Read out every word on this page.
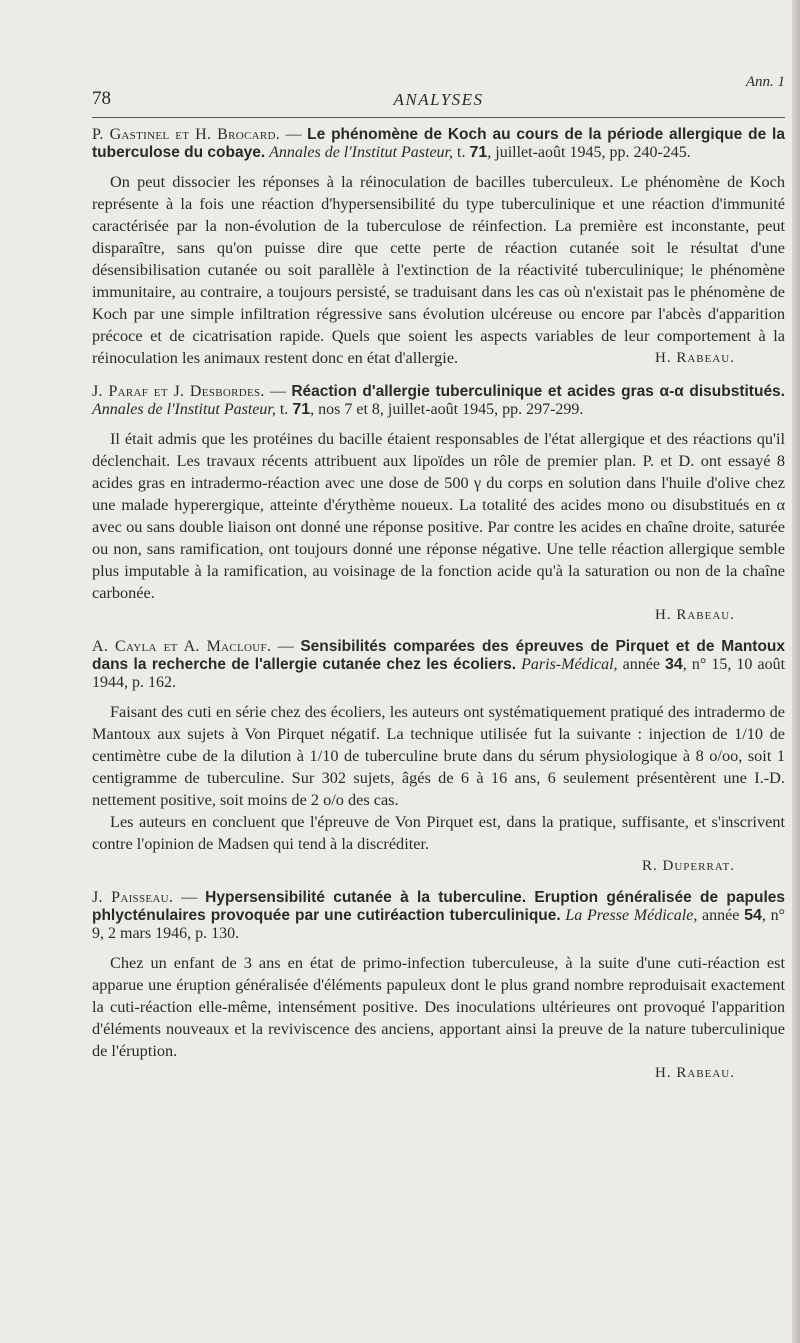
78	ANALYSES
Ann. 1

P. Gastinel et H. Brocard. — Le phénomène de Koch au cours de la période allergique de la tuberculose du cobaye. Annales de l'Institut Pasteur, t. 71, juillet-août 1945, pp. 240-245.

On peut dissocier les réponses à la réinoculation de bacilles tuberculeux. Le phénomène de Koch représente à la fois une réaction d'hypersensibilité du type tuberculinique et une réaction d'immunité caractérisée par la non-évolution de la tuberculose de réinfection. La première est inconstante, peut disparaître, sans qu'on puisse dire que cette perte de réaction cutanée soit le résultat d'une désensibilisation cutanée ou soit parallèle à l'extinction de la réactivité tuberculinique; le phénomène immunitaire, au contraire, a toujours persisté, se traduisant dans les cas où n'existait pas le phénomène de Koch par une simple infiltration régressive sans évolution ulcéreuse ou encore par l'abcès d'apparition précoce et de cicatrisation rapide. Quels que soient les aspects variables de leur comportement à la réinoculation les animaux restent donc en état d'allergie.	H. Rabeau.

J. Paraf et J. Desbordes. — Réaction d'allergie tuberculinique et acides gras α-α disubstitués. Annales de l'Institut Pasteur, t. 71, nos 7 et 8, juillet-août 1945, pp. 297-299.

Il était admis que les protéines du bacille étaient responsables de l'état allergique et des réactions qu'il déclenchait. Les travaux récents attribuent aux lipoïdes un rôle de premier plan. P. et D. ont essayé 8 acides gras en intradermo-réaction avec une dose de 500 γ du corps en solution dans l'huile d'olive chez une malade hyperergique, atteinte d'érythème noueux. La totalité des acides mono ou disubstitués en α avec ou sans double liaison ont donné une réponse positive. Par contre les acides en chaîne droite, saturée ou non, sans ramification, ont toujours donné une réponse négative. Une telle réaction allergique semble plus imputable à la ramification, au voisinage de la fonction acide qu'à la saturation ou non de la chaîne carbonée.

H. Rabeau.

A. Cayla et A. Maclouf. — Sensibilités comparées des épreuves de Pirquet et de Mantoux dans la recherche de l'allergie cutanée chez les écoliers. Paris-Médical, année 34, n° 15, 10 août 1944, p. 162.

Faisant des cuti en série chez des écoliers, les auteurs ont systématiquement pratiqué des intradermo de Mantoux aux sujets à Von Pirquet négatif. La technique utilisée fut la suivante : injection de 1/10 de centimètre cube de la dilution à 1/10 de tuberculine brute dans du sérum physiologique à 8 o/oo, soit 1 centigramme de tuberculine. Sur 302 sujets, âgés de 6 à 16 ans, 6 seulement présentèrent une I.-D. nettement positive, soit moins de 2 o/o des cas.

Les auteurs en concluent que l'épreuve de Von Pirquet est, dans la pratique, suffisante, et s'inscrivent contre l'opinion de Madsen qui tend à la discréditer.

R. Duperrat.

J. Paisseau. — Hypersensibilité cutanée à la tuberculine. Eruption généralisée de papules phlycténulaires provoquée par une cutiréaction tuberculinique. La Presse Médicale, année 54, n° 9, 2 mars 1946, p. 130.

Chez un enfant de 3 ans en état de primo-infection tuberculeuse, à la suite d'une cuti-réaction est apparue une éruption généralisée d'éléments papuleux dont le plus grand nombre reproduisait exactement la cuti-réaction elle-même, intensément positive. Des inoculations ultérieures ont provoqué l'apparition d'éléments nouveaux et la reviviscence des anciens, apportant ainsi la preuve de la nature tuberculinique de l'éruption.

H. Rabeau.
